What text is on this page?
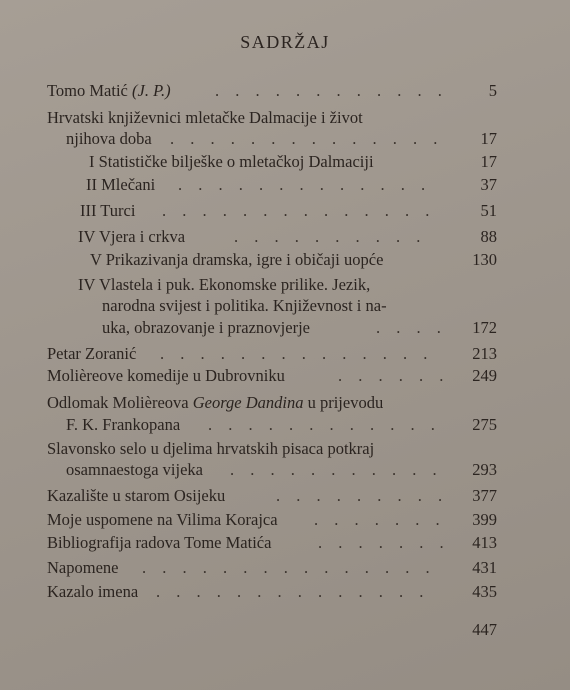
SADRŽAJ
Tomo Matić (J. P.)	. . . . . . . . . . . . 5
Hrvatski književnici mletačke Dalmacije i život
njihova doba . . . . . . . . . . . . . . 17
I Statističke bilješke o mletačkoj Dalmaciji	17
II Mlečani . . . . . . . . . . . . .	37
III Turci . . . . . . . . . . . . . .	51
IV Vjera i crkva	. . . . . . . . . .	88
V Prikazivanja dramska, igre i običaji uopće	130
IV Vlastela i puk. Ekonomske prilike. Jezik,
narodna svijest i politika. Književnost i na-
uka, obrazovanje i praznovjerje	. . . . 172
Petar Zoranić . . . . . . . . . . . . . . 213
Molièreove komedije u Dubrovniku	. . . . . . 249
Odlomak Molièreova George Dandina u prijevodu
F. K. Frankopana . . . . . . . . . . . . 275
Slavonsko selo u djelima hrvatskih pisaca potkraj
osamnaestoga vijeka . . . . . . . . . . . 293
Kazalište u starom Osijeku	. . . . . . . . . 377
Moje uspomene na Vilima Korajca . . . . . . . 399
Bibliografija radova Tome Matića	. . . . . . . 413
Napomene . . . . . . . . . . . . . . . 431
Kazalo imena . . . . . . . . . . . . . .	435
447
